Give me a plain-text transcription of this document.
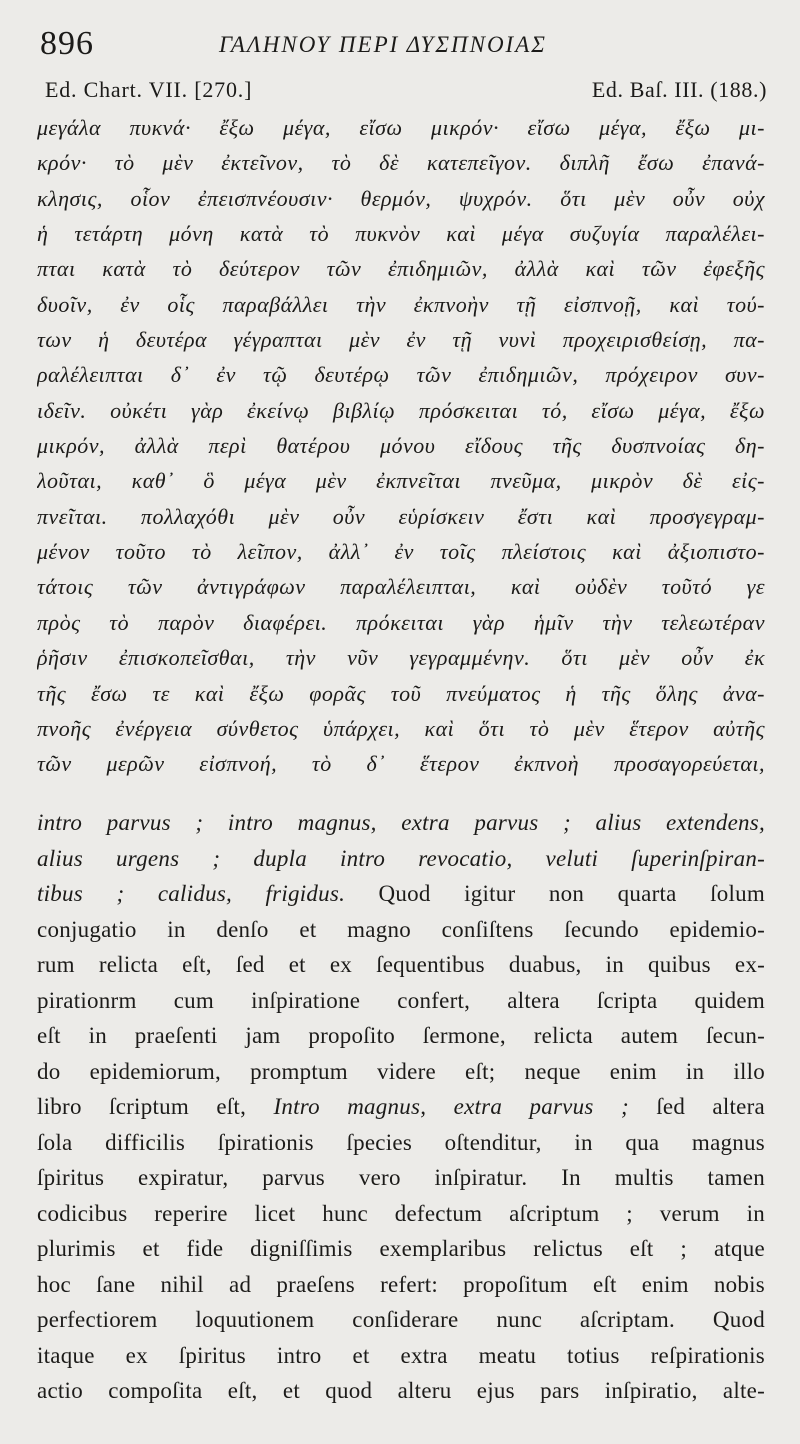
896	ΓΑΛΗΝΟΥ ΠΕΡΙ ΔΥΣΠΝΟΙΑΣ
Ed. Chart. VII. [270.]	Ed. Baſ. III. (188.)
μεγάλα πυκνά· ἔξω μέγα, εἴσω μικρόν· εἴσω μέγα, ἔξω μι-
κρόν· τὸ μὲν ἐκτεῖνον, τὸ δὲ κατεπεῖγον. διπλῆ ἔσω ἐπανά-
κλησις, οἷον ἐπεισπνέουσιν· θερμόν, ψυχρόν. ὅτι μὲν οὖν οὐχ
ἡ τετάρτη μόνη κατὰ τὸ πυκνὸν καὶ μέγα συζυγία παραλέλει-
πται κατὰ τὸ δεύτερον τῶν ἐπιδημιῶν, ἀλλὰ καὶ τῶν ἐφεξῆς
δυοῖν, ἐν οἷς παραβάλλει τὴν ἐκπνοὴν τῇ εἰσπνοῇ, καὶ τού-
των ἡ δευτέρα γέγραπται μὲν ἐν τῇ νυνὶ προχειρισθείσῃ, πα-
ραλέλειπται δ᾽ ἐν τῷ δευτέρῳ τῶν ἐπιδημιῶν, πρόχειρον συν-
ιδεῖν. οὐκέτι γὰρ ἐκείνῳ βιβλίῳ πρόσκειται τό, εἴσω μέγα, ἔξω
μικρόν, ἀλλὰ περὶ θατέρου μόνου εἴδους τῆς δυσπνοίας δη-
λοῦται, καθ᾽ ὃ μέγα μὲν ἐκπνεῖται πνεῦμα, μικρὸν δὲ εἰς-
πνεῖται. πολλαχόθι μὲν οὖν εὑρίσκειν ἔστι καὶ προσγεγραμ-
μένον τοῦτο τὸ λεῖπον, ἀλλ᾽ ἐν τοῖς πλείστοις καὶ ἀξιοπιστο-
τάτοις τῶν ἀντιγράφων παραλέλειπται, καὶ οὐδὲν τοῦτό γε
πρὸς τὸ παρὸν διαφέρει. πρόκειται γὰρ ἡμῖν τὴν τελεωτέραν
ῥῆσιν ἐπισκοπεῖσθαι, τὴν νῦν γεγραμμένην. ὅτι μὲν οὖν ἐκ
τῆς ἔσω τε καὶ ἔξω φορᾶς τοῦ πνεύματος ἡ τῆς ὅλης ἀνα-
πνοῆς ἐνέργεια σύνθετος ὑπάρχει, καὶ ὅτι τὸ μὲν ἕτερον αὐτῆς
τῶν μερῶν εἰσπνοή, τὸ δ᾽ ἕτερον ἐκπνοὴ προσαγορεύεται,
intro parvus ; intro magnus, extra parvus ; alius extendens,
alius urgens ; dupla intro revocatio, veluti ſuperinſpiran-
tibus ; calidus, frigidus. Quod igitur non quarta ſolum
conjugatio in denſo et magno conſiſtens ſecundo epidemio-
rum relicta eſt, ſed et ex ſequentibus duabus, in quibus ex-
pirationrm cum inſpiratione confert, altera ſcripta quidem
eſt in praeſenti jam propoſito ſermone, relicta autem ſecun-
do epidemiorum, promptum videre eſt; neque enim in illo
libro ſcriptum eſt, Intro magnus, extra parvus ; ſed altera
ſola difficilis ſpirationis ſpecies oſtenditur, in qua magnus
ſpiritus expiratur, parvus vero inſpiratur. In multis tamen
codicibus reperire licet hunc defectum aſcriptum ; verum in
plurimis et fide digniſſimis exemplaribus relictus eſt ; atque
hoc ſane nihil ad praeſens refert: propoſitum eſt enim nobis
perfectiorem loquutionem conſiderare nunc aſcriptam. Quod
itaque ex ſpiritus intro et extra meatu totius reſpirationis
actio compoſita eſt, et quod alteru ejus pars inſpiratio, alte-
